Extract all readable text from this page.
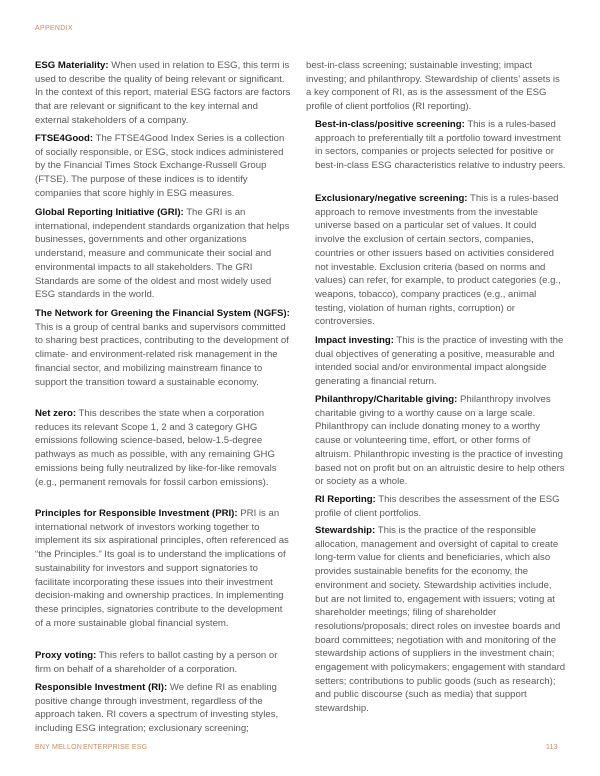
APPENDIX

ESG Materiality: When used in relation to ESG, this term is used to describe the quality of being relevant or significant. In the context of this report, material ESG factors are factors that are relevant or significant to the key internal and external stakeholders of a company.

FTSE4Good: The FTSE4Good Index Series is a collection of socially responsible, or ESG, stock indices administered by the Financial Times Stock Exchange-Russell Group (FTSE). The purpose of these indices is to identify companies that score highly in ESG measures.

Global Reporting Initiative (GRI): The GRI is an international, independent standards organization that helps businesses, governments and other organizations understand, measure and communicate their social and environmental impacts to all stakeholders. The GRI Standards are some of the oldest and most widely used ESG standards in the world.

The Network for Greening the Financial System (NGFS): This is a group of central banks and supervisors committed to sharing best practices, contributing to the development of climate- and environment-related risk management in the financial sector, and mobilizing mainstream finance to support the transition toward a sustainable economy.

Net zero: This describes the state when a corporation reduces its relevant Scope 1, 2 and 3 category GHG emissions following science-based, below-1.5-degree pathways as much as possible, with any remaining GHG emissions being fully neutralized by like-for-like removals (e.g., permanent removals for fossil carbon emissions).

Principles for Responsible Investment (PRI): PRI is an international network of investors working together to implement its six aspirational principles, often referenced as “the Principles.” Its goal is to understand the implications of sustainability for investors and support signatories to facilitate incorporating these issues into their investment decision-making and ownership practices. In implementing these principles, signatories contribute to the development of a more sustainable global financial system.

Proxy voting: This refers to ballot casting by a person or firm on behalf of a shareholder of a corporation.

Responsible Investment (RI): We define RI as enabling positive change through investment, regardless of the approach taken. RI covers a spectrum of investing styles, including ESG integration; exclusionary screening;

best-in-class screening; sustainable investing; impact investing; and philanthropy. Stewardship of clients’ assets is a key component of RI, as is the assessment of the ESG profile of client portfolios (RI reporting).

Best-in-class/positive screening: This is a rules-based approach to preferentially tilt a portfolio toward investment in sectors, companies or projects selected for positive or best-in-class ESG characteristics relative to industry peers.

Exclusionary/negative screening: This is a rules-based approach to remove investments from the investable universe based on a particular set of values. It could involve the exclusion of certain sectors, companies, countries or other issuers based on activities considered not investable. Exclusion criteria (based on norms and values) can refer, for example, to product categories (e.g., weapons, tobacco), company practices (e.g., animal testing, violation of human rights, corruption) or controversies.

Impact investing: This is the practice of investing with the dual objectives of generating a positive, measurable and intended social and/or environmental impact alongside generating a financial return.

Philanthropy/Charitable giving: Philanthropy involves charitable giving to a worthy cause on a large scale. Philanthropy can include donating money to a worthy cause or volunteering time, effort, or other forms of altruism. Philanthropic investing is the practice of investing based not on profit but on an altruistic desire to help others or society as a whole.

RI Reporting: This describes the assessment of the ESG profile of client portfolios.

Stewardship: This is the practice of the responsible allocation, management and oversight of capital to create long-term value for clients and beneficiaries, which also provides sustainable benefits for the economy, the environment and society. Stewardship activities include, but are not limited to, engagement with issuers; voting at shareholder meetings; filing of shareholder resolutions/proposals; direct roles on investee boards and board committees; negotiation with and monitoring of the stewardship actions of suppliers in the investment chain; engagement with policymakers; engagement with standard setters; contributions to public goods (such as research); and public discourse (such as media) that support stewardship.

BNY MELLON ENTERPRISE ESG	113
